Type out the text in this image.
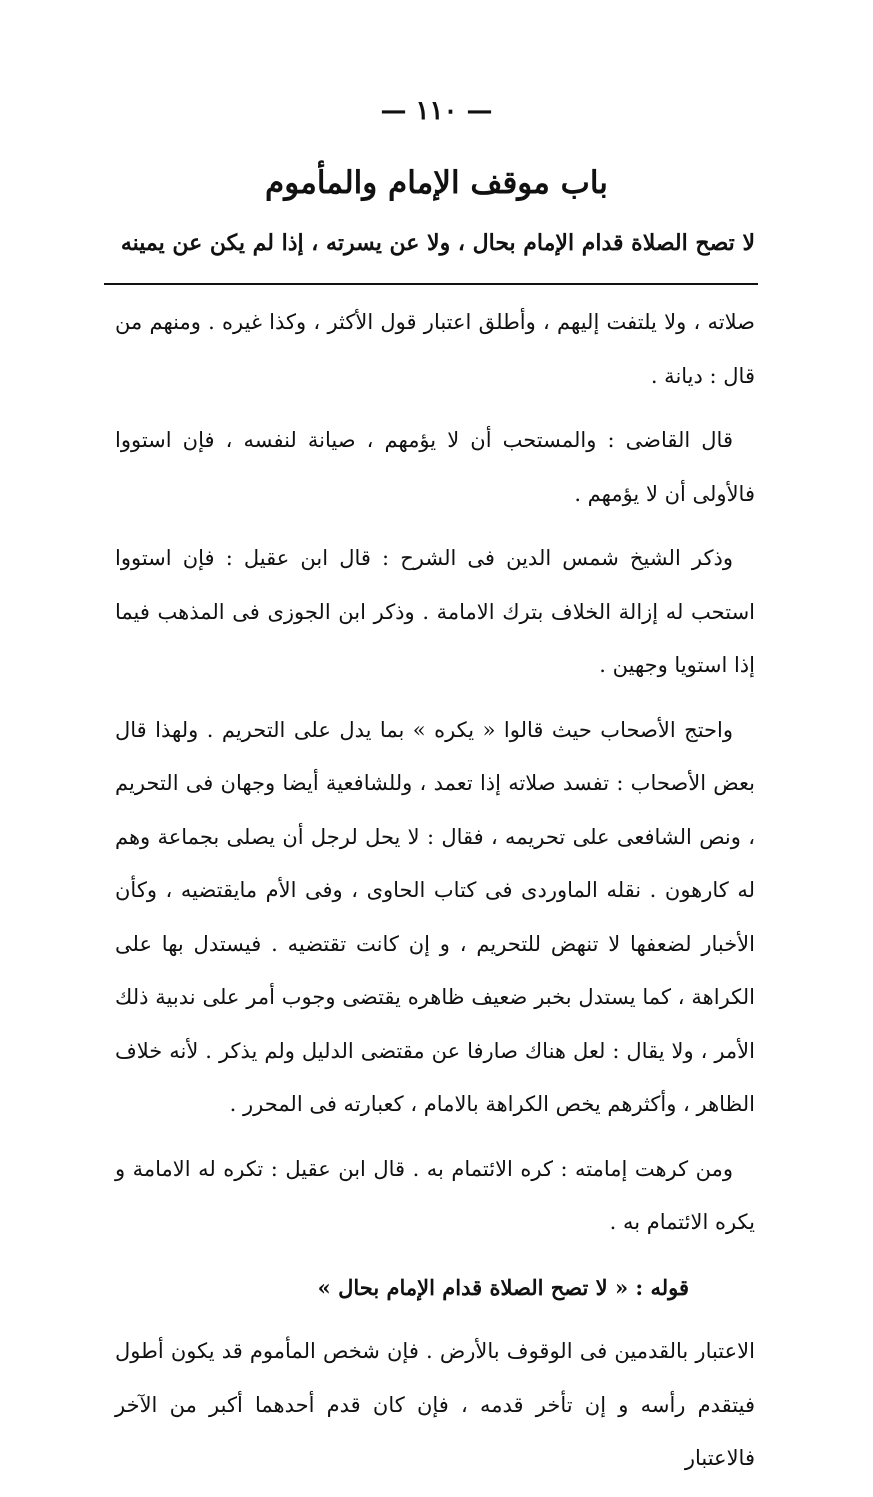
— ١١٠ —
باب موقف الإمام والمأموم
لا تصح الصلاة قدام الإمام بحال ، ولا عن يسرته ، إذا لم يكن عن يمينه

صلاته ، ولا يلتفت إليهم ، وأطلق اعتبار قول الأكثر ، وكذا غيره . ومنهم من قال : ديانة .

قال القاضى : والمستحب أن لا يؤمهم ، صيانة لنفسه ، فإن استووا فالأولى أن لا يؤمهم .

وذكر الشيخ شمس الدين فى الشرح : قال ابن عقيل : فإن استووا استحب له إزالة الخلاف بترك الامامة . وذكر ابن الجوزى فى المذهب فيما إذا استويا وجهين .

واحتج الأصحاب حيث قالوا « يكره » بما يدل على التحريم . ولهذا قال بعض الأصحاب : تفسد صلاته إذا تعمد ، وللشافعية أيضا وجهان فى التحريم ، ونص الشافعى على تحريمه ، فقال : لا يحل لرجل أن يصلى بجماعة وهم له كارهون . نقله الماوردى فى كتاب الحاوى ، وفى الأم مايقتضيه ، وكأن الأخبار لضعفها لا تنهض للتحريم ، و إن كانت تقتضيه . فيستدل بها على الكراهة ، كما يستدل بخبر ضعيف ظاهره يقتضى وجوب أمر على ندبية ذلك الأمر ، ولا يقال : لعل هناك صارفا عن مقتضى الدليل ولم يذكر . لأنه خلاف الظاهر ، وأكثرهم يخص الكراهة بالامام ، كعبارته فى المحرر .

ومن كرهت إمامته : كره الائتمام به . قال ابن عقيل : تكره له الامامة و يكره الائتمام به .

قوله : « لا تصح الصلاة قدام الإمام بحال »

الاعتبار بالقدمين فى الوقوف بالأرض . فإن شخص المأموم قد يكون أطول فيتقدم رأسه و إن تأخر قدمه ، فإن كان قدم أحدهما أكبر من الآخر فالاعتبار
